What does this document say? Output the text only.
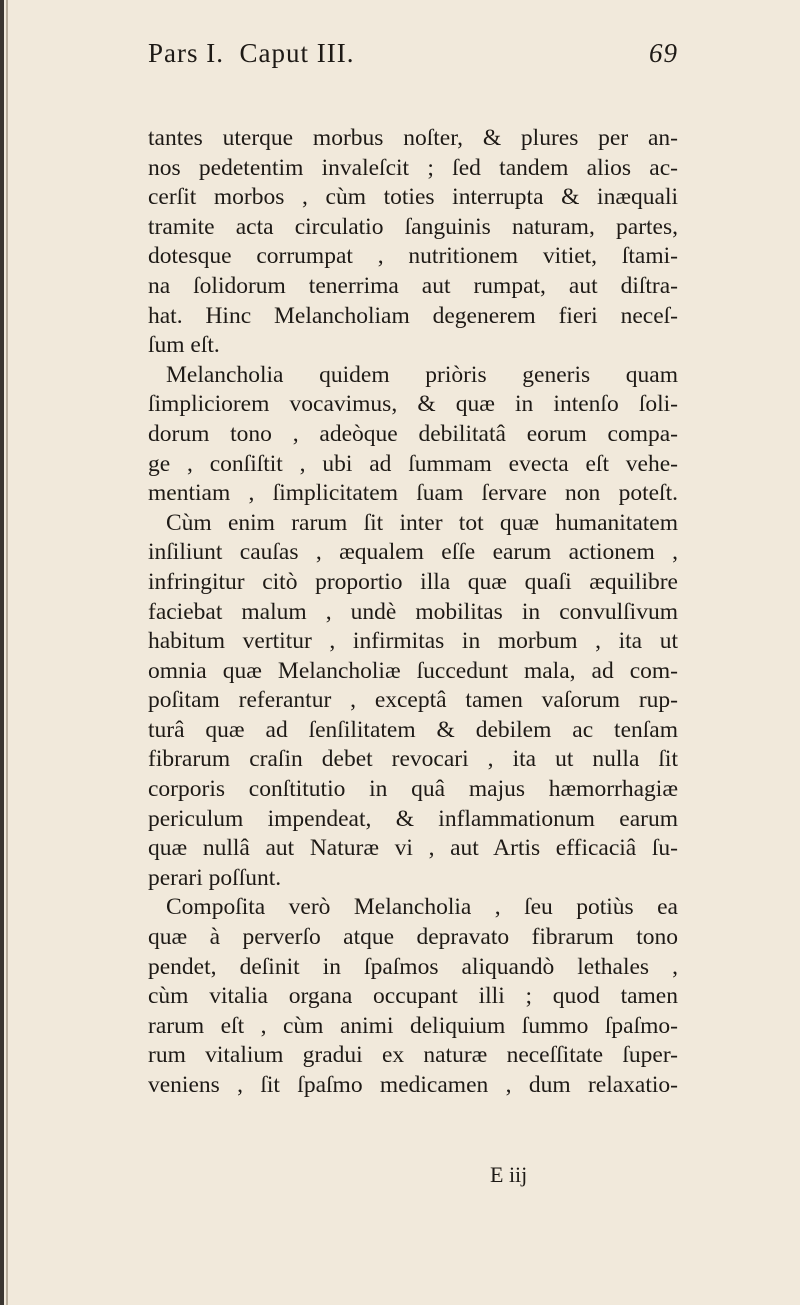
Pars I. Caput III.	69
tantes uterque morbus noſter, & plures per an-
nos pedetentim invaleſcit ; ſed tandem alios ac-
cerſit morbos , cùm toties interrupta & inæquali
tramite acta circulatio ſanguinis naturam, partes,
dotesque corrumpat , nutritionem vitiet, ſtami-
na ſolidorum tenerrima aut rumpat, aut diſtra-
hat. Hinc Melancholiam degenerem fieri neceſ-
ſum eſt.
Melancholia quidem priòris generis quam
ſimpliciorem vocavimus, & quæ in intenſo ſoli-
dorum tono , adeòque debilitatâ eorum compa-
ge , conſiſtit , ubi ad ſummam evecta eſt vehe-
mentiam , ſimplicitatem ſuam ſervare non poteſt.
Cùm enim rarum ſit inter tot quæ humanitatem
inſiliunt cauſas , æqualem eſſe earum actionem ,
infringitur citò proportio illa quæ quaſi æquilibre
faciebat malum , undè mobilitas in convulſivum
habitum vertitur , infirmitas in morbum , ita ut
omnia quæ Melancholiæ ſuccedunt mala, ad com-
poſitam referantur , exceptâ tamen vaſorum rup-
turâ quæ ad ſenſilitatem & debilem ac tenſam
fibrarum craſin debet revocari , ita ut nulla ſit
corporis conſtitutio in quâ majus hæmorrhagiæ
periculum impendeat, & inflammationum earum
quæ nullâ aut Naturæ vi , aut Artis efficaciâ ſu-
perari poſſunt.
Compoſita verò Melancholia , ſeu potiùs ea
quæ à perverſo atque depravato fibrarum tono
pendet, deſinit in ſpaſmos aliquandò lethales ,
cùm vitalia organa occupant illi ; quod tamen
rarum eſt , cùm animi deliquium ſummo ſpaſmo-
rum vitalium gradui ex naturæ neceſſitate ſuper-
veniens , ſit ſpaſmo medicamen , dum relaxatio-
E iij
